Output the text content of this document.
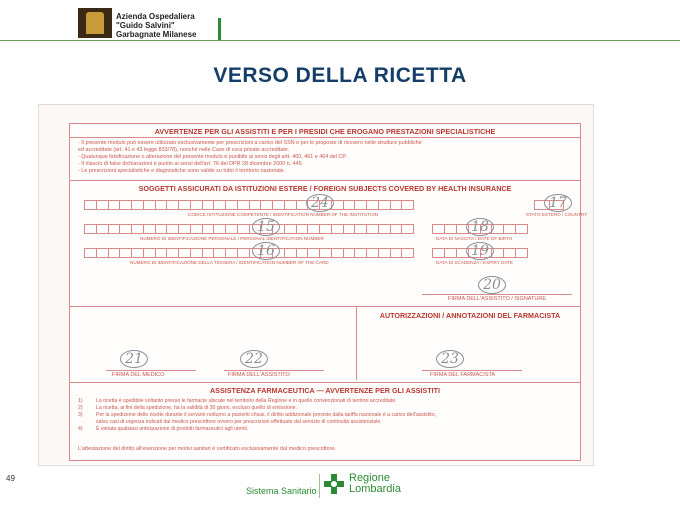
Azienda Ospedaliera
"Guido Salvini"
Garbagnate Milanese
VERSO DELLA RICETTA
AVVERTENZE PER GLI ASSISTITI E PER I PRESIDI CHE EROGANO PRESTAZIONI SPECIALISTICHE
- Il presente modulo può essere utilizzato esclusivamente per prescrizioni a carico del SSN e per le proposte di ricovero nelle strutture pubbliche
ed accreditate (art. 41 e 43 legge 833/78), nonché nelle Case di cura private accreditate.
- Qualunque falsificazione o alterazione del presente modulo è punibile ai sensi degli artt. 460, 461 e 464 del CP.
- Il rilascio di false dichiarazioni è punito ai sensi dell'art. 76 del DPR 28 dicembre 2000 n. 445.
- Le prescrizioni specialistiche e diagnostiche sono valide su tutto il territorio nazionale.
SOGGETTI ASSICURATI DA ISTITUZIONI ESTERE / FOREIGN SUBJECTS COVERED BY HEALTH INSURANCE
24	17
CODICE ISTITUZIONE COMPETENTE / IDENTIFICATION NUMBER OF THE INSTITUTION	STATO ESTERO / COUNTRY
15	18
NUMERO DI IDENTIFICAZIONE PERSONALE / PERSONAL IDENTIFICATION NUMBER	DATA DI NASCITA / DATE OF BIRTH
16	19
NUMERO DI IDENTIFICAZIONE DELLA TESSERA / IDENTIFICATION NUMBER OF THE CARD	DATA DI SCADENZA / EXPIRY DATE
20
FIRMA DELL'ASSISTITO / SIGNATURE
AUTORIZZAZIONI / ANNOTAZIONI DEL FARMACISTA
21	22	23
FIRMA DEL MEDICO	FIRMA DELL'ASSISTITO	FIRMA DEL FARMACISTA
ASSISTENZA FARMACEUTICA — AVVERTENZE PER GLI ASSISTITI
1)	La ricetta è spedibile soltanto presso le farmacie ubicate nel territorio della Regione e in quello convenzionati di territori accreditate.
2)	La ricetta, ai fini della spedizione, ha la validità di 30 giorni, escluso quello di emissione.
3)	Per la spedizione delle ricette durante il servizio notturno a pazienti chiusi, il diritto addizionale previsto dalla tariffa nazionale è a carico dell'assistito,
salvo casi di urgenza indicati dal medico prescrittore ovvero per prescrizioni effettuate dal servizio di continuità assistenziale.
4)	È vietata qualsiasi anticipazione di prodotti farmaceutici agli utenti.
L'attestazione del diritto all'esenzione per motivi sanitari è certificato esclusivamente dal medico prescrittore.
49
Sistema Sanitario
Regione
Lombardia
